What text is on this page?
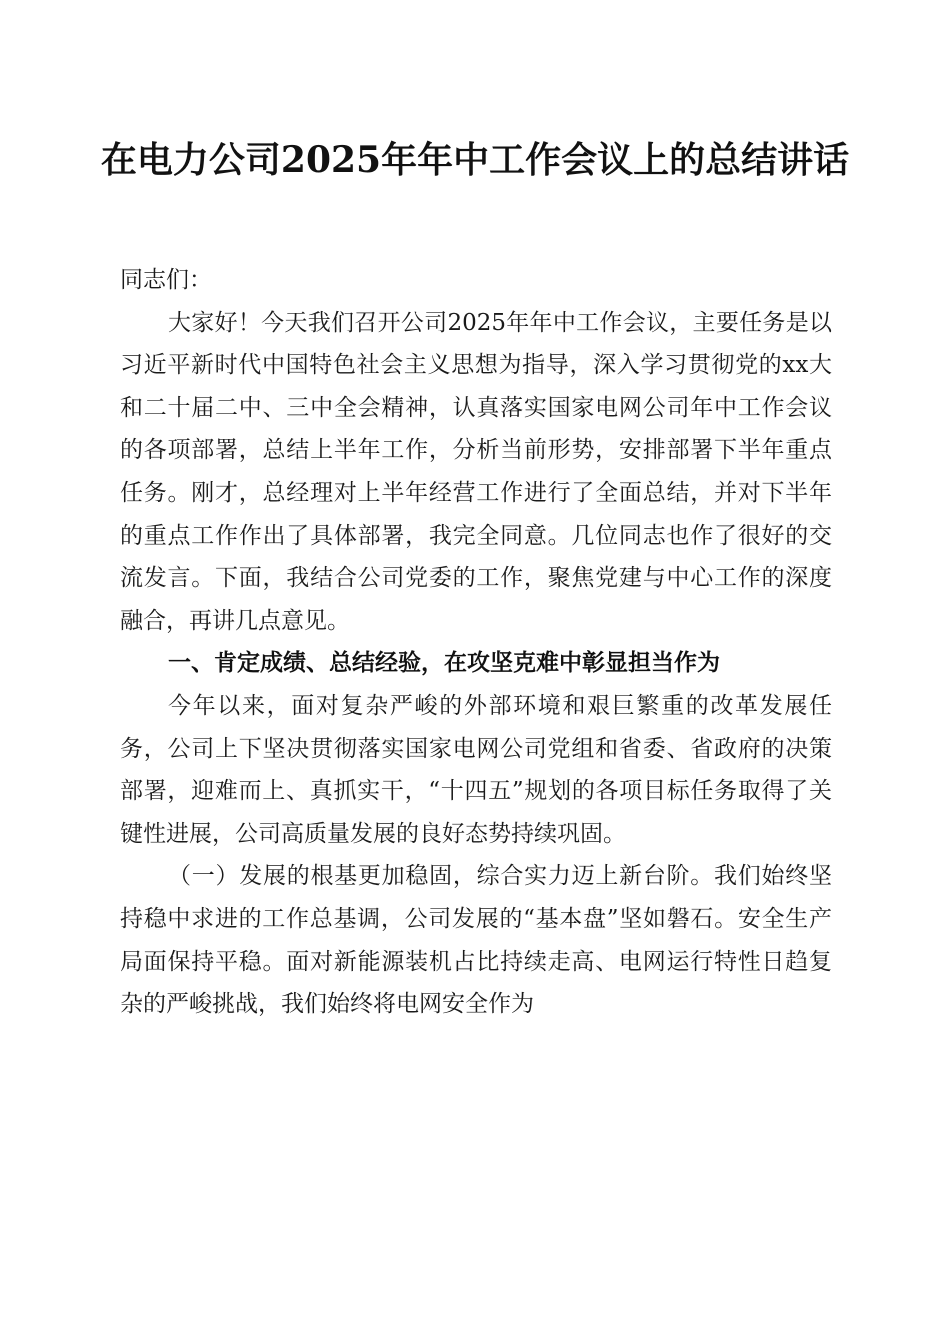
在电力公司2025年年中工作会议上的总结讲话

同志们：

大家好！今天我们召开公司2025年年中工作会议，主要任务是以习近平新时代中国特色社会主义思想为指导，深入学习贯彻党的xx大和二十届二中、三中全会精神，认真落实国家电网公司年中工作会议的各项部署，总结上半年工作，分析当前形势，安排部署下半年重点任务。刚才，总经理对上半年经营工作进行了全面总结，并对下半年的重点工作作出了具体部署，我完全同意。几位同志也作了很好的交流发言。下面，我结合公司党委的工作，聚焦党建与中心工作的深度融合，再讲几点意见。

一、肯定成绩、总结经验，在攻坚克难中彰显担当作为

今年以来，面对复杂严峻的外部环境和艰巨繁重的改革发展任务，公司上下坚决贯彻落实国家电网公司党组和省委、省政府的决策部署，迎难而上、真抓实干，“十四五”规划的各项目标任务取得了关键性进展，公司高质量发展的良好态势持续巩固。

（一）发展的根基更加稳固，综合实力迈上新台阶。我们始终坚持稳中求进的工作总基调，公司发展的“基本盘”坚如磐石。安全生产局面保持平稳。面对新能源装机占比持续走高、电网运行特性日趋复杂的严峻挑战，我们始终将电网安全作为
